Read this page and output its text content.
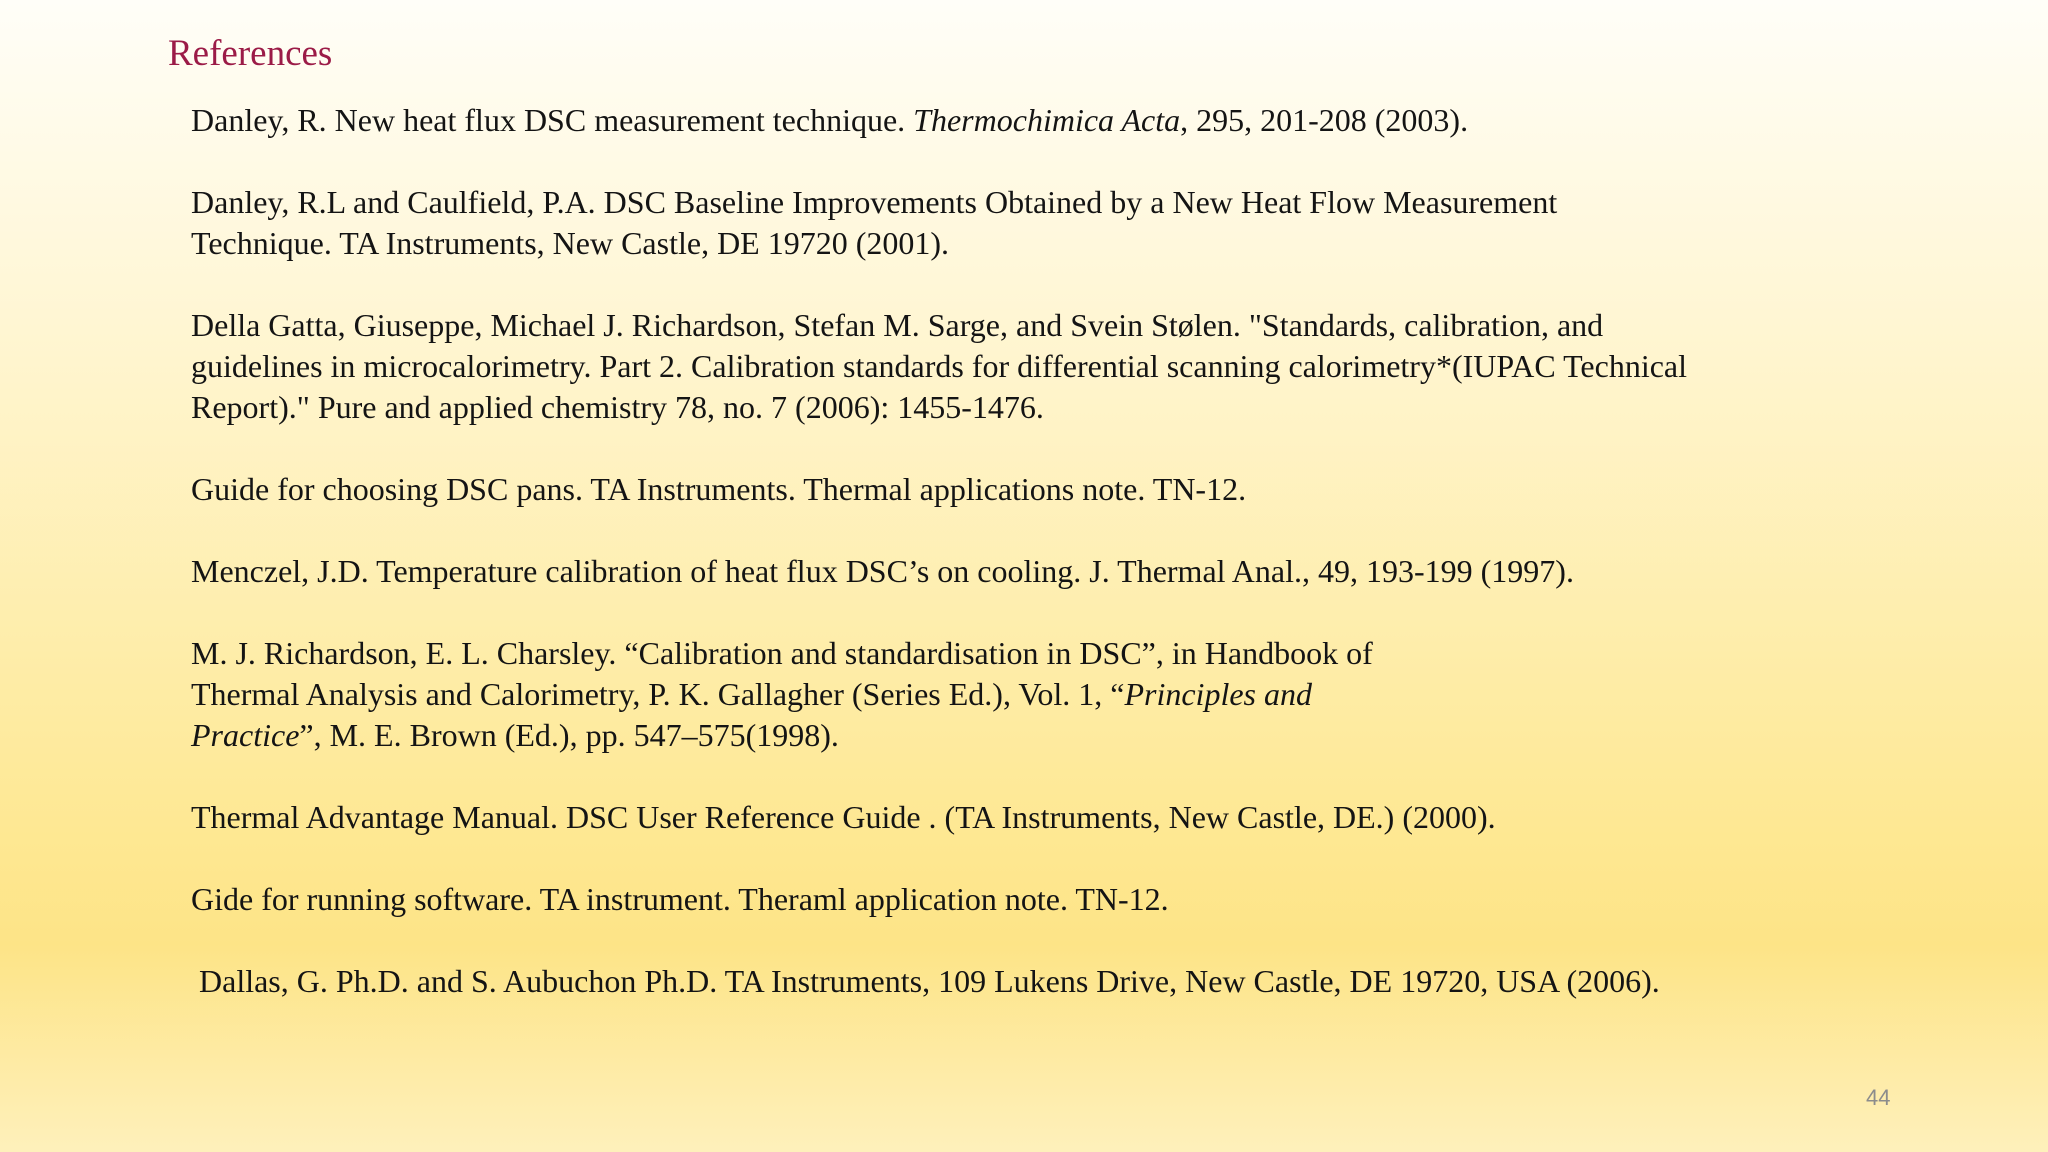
References
Danley, R. New heat flux DSC measurement technique. Thermochimica Acta, 295, 201-208 (2003).
Danley, R.L and Caulfield, P.A. DSC Baseline Improvements Obtained by a New Heat Flow Measurement
Technique. TA Instruments, New Castle, DE 19720 (2001).
Della Gatta, Giuseppe, Michael J. Richardson, Stefan M. Sarge, and Svein Stølen. "Standards, calibration, and
guidelines in microcalorimetry. Part 2. Calibration standards for differential scanning calorimetry*(IUPAC Technical
Report)." Pure and applied chemistry 78, no. 7 (2006): 1455-1476.
Guide for choosing DSC pans. TA Instruments. Thermal applications note. TN-12.
Menczel, J.D. Temperature calibration of heat flux DSC’s on cooling. J. Thermal Anal., 49, 193-199 (1997).
M. J. Richardson, E. L. Charsley. “Calibration and standardisation in DSC”, in Handbook of
Thermal Analysis and Calorimetry, P. K. Gallagher (Series Ed.), Vol. 1, “Principles and
Practice”, M. E. Brown (Ed.), pp. 547–575(1998).
Thermal Advantage Manual. DSC User Reference Guide . (TA Instruments, New Castle, DE.) (2000).
Gide for running software. TA instrument. Theraml application note. TN-12.
Dallas, G. Ph.D. and S. Aubuchon Ph.D. TA Instruments, 109 Lukens Drive, New Castle, DE 19720, USA (2006).
44
